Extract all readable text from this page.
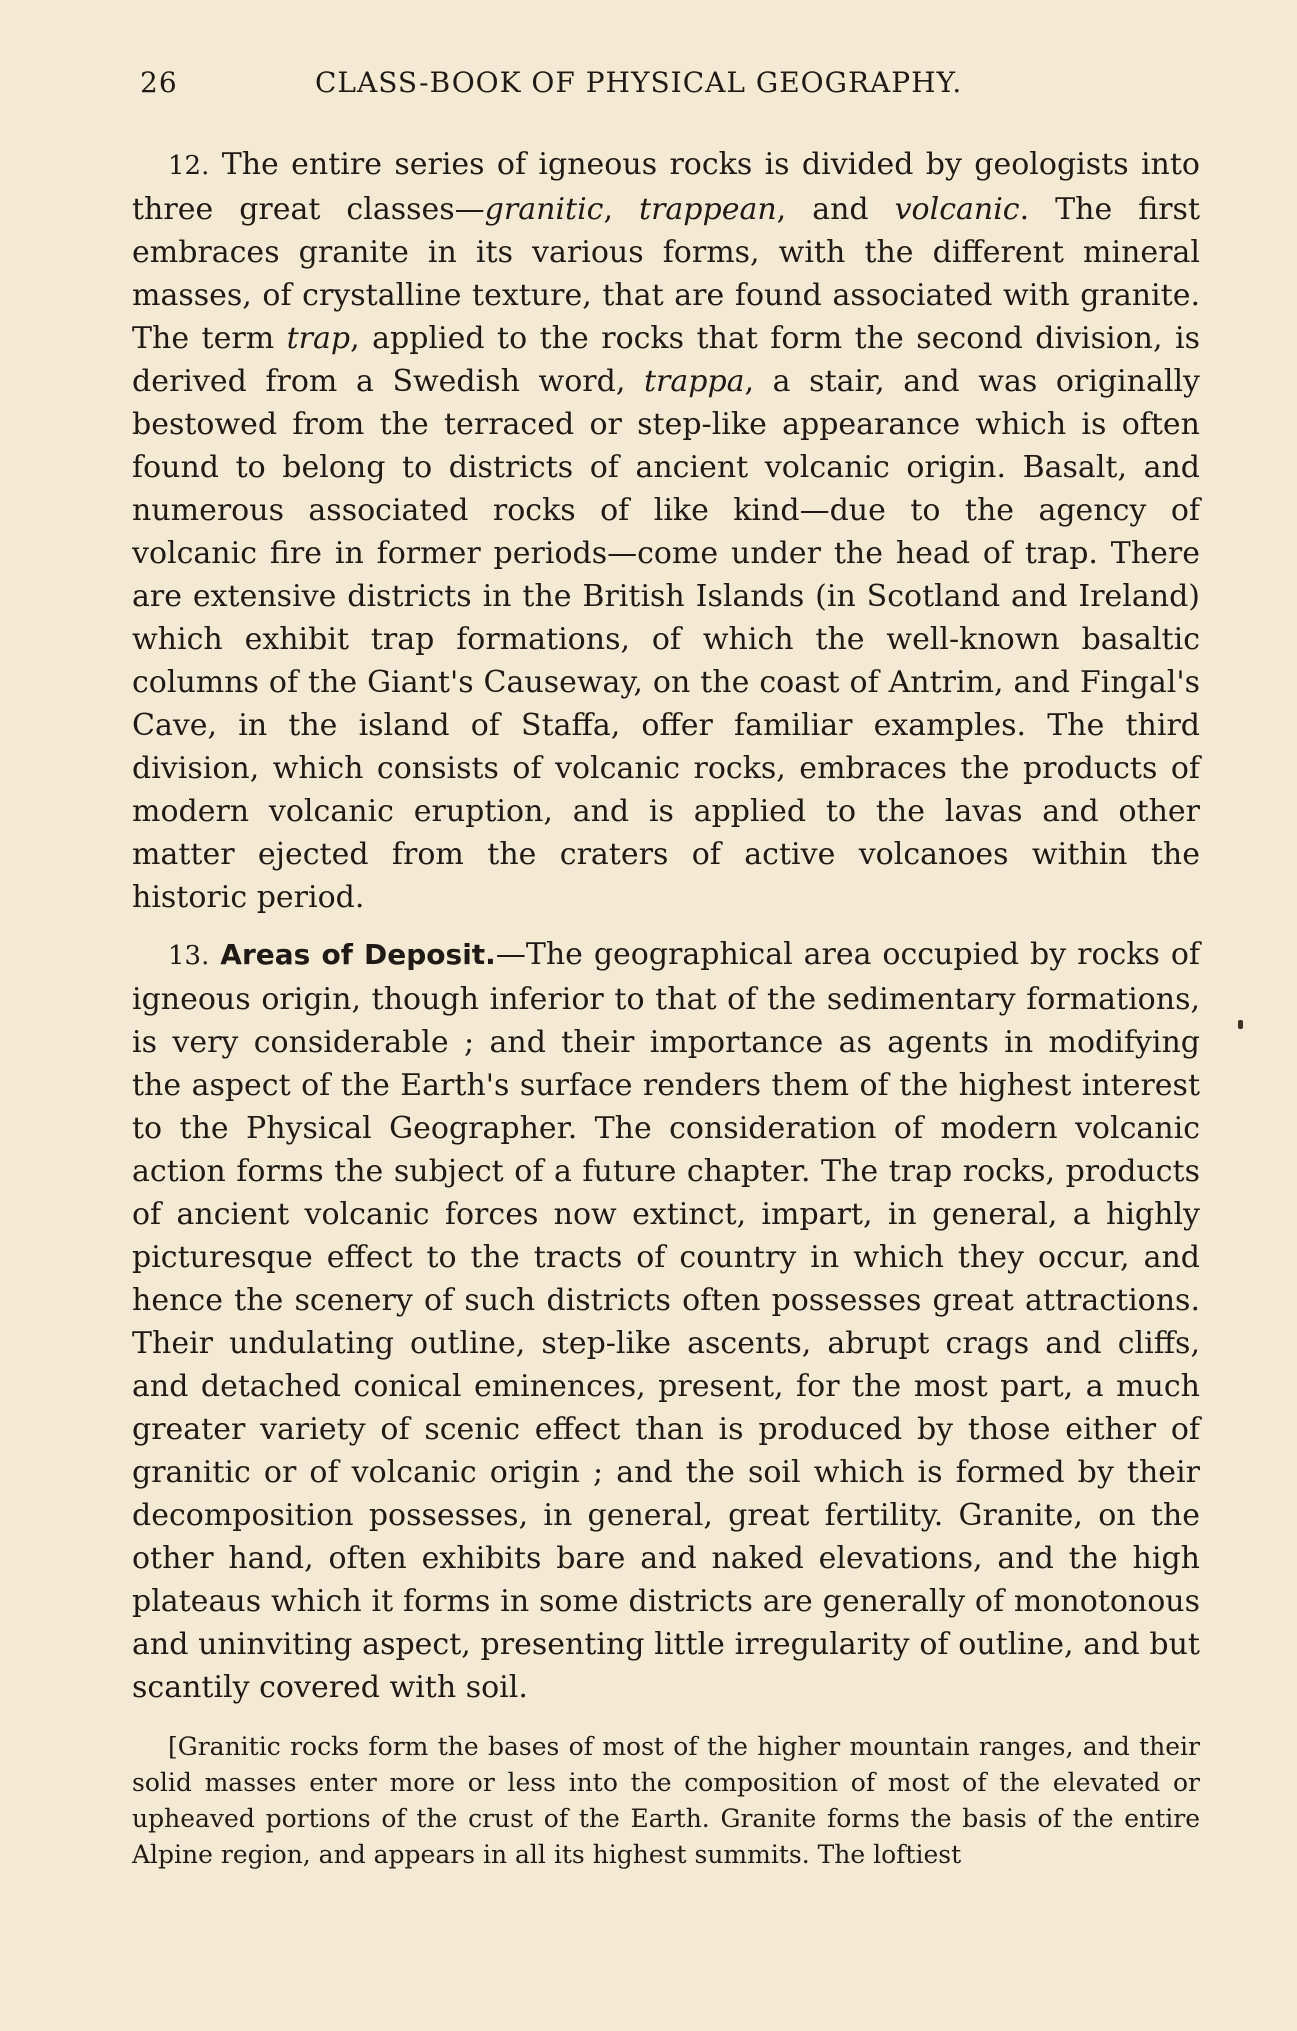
26	CLASS-BOOK OF PHYSICAL GEOGRAPHY.

12. The entire series of igneous rocks is divided by geologists into three great classes—granitic, trappean, and volcanic. The first embraces granite in its various forms, with the different mineral masses, of crystalline texture, that are found associated with granite. The term trap, applied to the rocks that form the second division, is derived from a Swedish word, trappa, a stair, and was originally bestowed from the terraced or step-like appearance which is often found to belong to districts of ancient volcanic origin. Basalt, and numerous associated rocks of like kind—due to the agency of volcanic fire in former periods—come under the head of trap. There are extensive districts in the British Islands (in Scotland and Ireland) which exhibit trap formations, of which the well-known basaltic columns of the Giant's Causeway, on the coast of Antrim, and Fingal's Cave, in the island of Staffa, offer familiar examples. The third division, which consists of volcanic rocks, embraces the products of modern volcanic eruption, and is applied to the lavas and other matter ejected from the craters of active volcanoes within the historic period.

13. Areas of Deposit.—The geographical area occupied by rocks of igneous origin, though inferior to that of the sedimentary formations, is very considerable ; and their importance as agents in modifying the aspect of the Earth's surface renders them of the highest interest to the Physical Geographer. The consideration of modern volcanic action forms the subject of a future chapter. The trap rocks, products of ancient volcanic forces now extinct, impart, in general, a highly picturesque effect to the tracts of country in which they occur, and hence the scenery of such districts often possesses great attractions. Their undulating outline, step-like ascents, abrupt crags and cliffs, and detached conical eminences, present, for the most part, a much greater variety of scenic effect than is produced by those either of granitic or of volcanic origin ; and the soil which is formed by their decomposition possesses, in general, great fertility. Granite, on the other hand, often exhibits bare and naked elevations, and the high plateaus which it forms in some districts are generally of monotonous and uninviting aspect, presenting little irregularity of outline, and but scantily covered with soil.

[Granitic rocks form the bases of most of the higher mountain ranges, and their solid masses enter more or less into the composition of most of the elevated or upheaved portions of the crust of the Earth. Granite forms the basis of the entire Alpine region, and appears in all its highest summits. The loftiest
